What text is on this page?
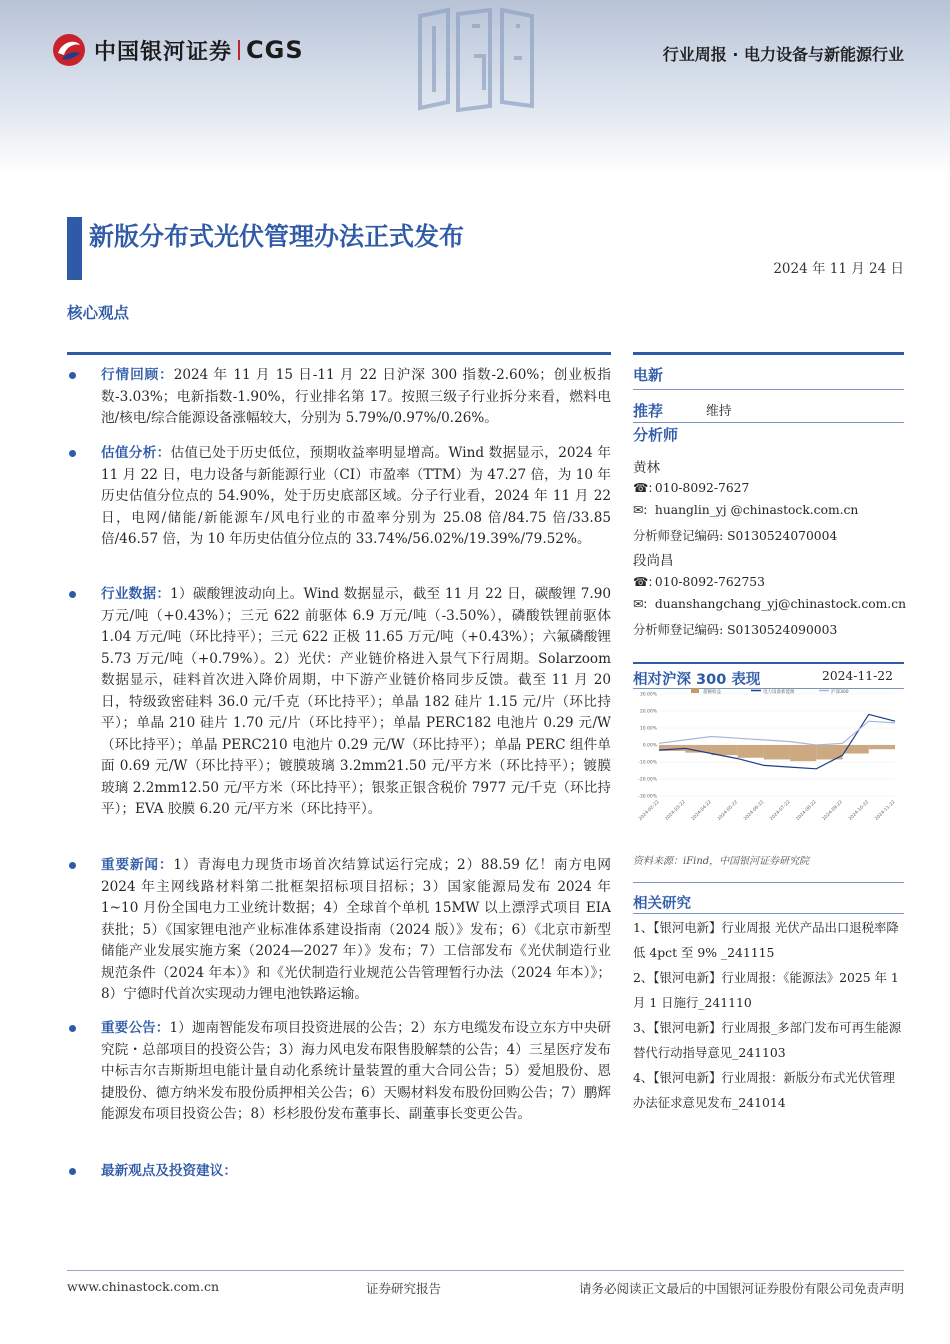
中国银河证券 CGS	行业周报 · 电力设备与新能源行业
新版分布式光伏管理办法正式发布
2024 年 11 月 24 日
核心观点

行情回顾：2024 年 11 月 15 日-11 月 22 日沪深 300 指数-2.60%；创业板指数-3.03%；电新指数-1.90%，行业排名第 17。按照三级子行业拆分来看，燃料电池/核电/综合能源设备涨幅较大，分别为 5.79%/0.97%/0.26%。

估值分析：估值已处于历史低位，预期收益率明显增高。Wind 数据显示，2024 年 11 月 22 日，电力设备与新能源行业（CI）市盈率（TTM）为 47.27 倍，为 10 年历史估值分位点的 54.90%，处于历史底部区域。分子行业看，2024 年 11 月 22 日，电网/储能/新能源车/风电行业的市盈率分别为 25.08 倍/84.75 倍/33.85 倍/46.57 倍，为 10 年历史估值分位点的 33.74%/56.02%/19.39%/79.52%。

行业数据：1）碳酸锂波动向上。Wind 数据显示，截至 11 月 22 日，碳酸锂 7.90 万元/吨（+0.43%）；三元 622 前驱体 6.9 万元/吨（-3.50%），磷酸铁锂前驱体 1.04 万元/吨（环比持平）；三元 622 正极 11.65 万元/吨（+0.43%）；六氟磷酸锂 5.73 万元/吨（+0.79%）。2）光伏：产业链价格进入景气下行周期。Solarzoom 数据显示，硅料首次进入降价周期，中下游产业链价格同步反馈。截至 11 月 20 日，特级致密硅料 36.0 元/千克（环比持平）；单晶 182 硅片 1.15 元/片（环比持平）；单晶 210 硅片 1.70 元/片（环比持平）；单晶 PERC182 电池片 0.29 元/W（环比持平）；单晶 PERC210 电池片 0.29 元/W（环比持平）；单晶 PERC 组件单面 0.69 元/W（环比持平）；镀膜玻璃 3.2mm21.50 元/平方米（环比持平）；镀膜玻璃 2.2mm12.50 元/平方米（环比持平）；银浆正银含税价 7977 元/千克（环比持平）；EVA 胶膜 6.20 元/平方米（环比持平）。

重要新闻：1）青海电力现货市场首次结算试运行完成；2）88.59 亿！南方电网 2024 年主网线路材料第二批框架招标项目招标；3）国家能源局发布 2024 年 1~10 月份全国电力工业统计数据；4）全球首个单机 15MW 以上漂浮式项目 EIA 获批；5）《国家锂电池产业标准体系建设指南（2024 版）》发布；6）《北京市新型储能产业发展实施方案（2024—2027 年）》发布；7）工信部发布《光伏制造行业规范条件（2024 年本）》和《光伏制造行业规范公告管理暂行办法（2024 年本）》；8）宁德时代首次实现动力锂电池铁路运输。

重要公告：1）迦南智能发布项目投资进展的公告；2）东方电缆发布设立东方中央研究院・总部项目的投资公告；3）海力风电发布限售股解禁的公告；4）三星医疗发布中标吉尔吉斯斯坦电能计量自动化系统计量装置的重大合同公告；5）爱旭股份、恩捷股份、德方纳米发布股份质押相关公告；6）天赐材料发布股份回购公告；7）鹏辉能源发布项目投资公告；8）杉杉股份发布董事长、副董事长变更公告。

最新观点及投资建议：

电新
推荐	维持
分析师
黄林
☎: 010-8092-7627
✉: huanglin_yj @chinastock.com.cn
分析师登记编码: S0130524070004
段尚昌
☎: 010-8092-762753
✉: duanshangchang_yj@chinastock.com.cn
分析师登记编码: S0130524090003
相对沪深 300 表现	2024-11-22
超额收益	电力设备新能源	沪深300
30.00%
20.00%
10.00%
0.00%
-10.00%
-20.00%
-30.00%
2024-02-22 2024-03-22 2024-04-22 2024-05-22 2024-06-22 2024-07-22 2024-08-22 2024-09-22 2024-10-22 2024-11-22
资料来源：iFind，中国银河证券研究院
相关研究
1、【银河电新】行业周报 光伏产品出口退税率降低 4pct 至 9% _241115
2、【银河电新】行业周报：《能源法》2025 年 1 月 1 日施行_241110
3、【银河电新】行业周报_多部门发布可再生能源替代行动指导意见_241103
4、【银河电新】行业周报：新版分布式光伏管理办法征求意见发布_241014
www.chinastock.com.cn	证券研究报告	请务必阅读正文最后的中国银河证券股份有限公司免责声明
